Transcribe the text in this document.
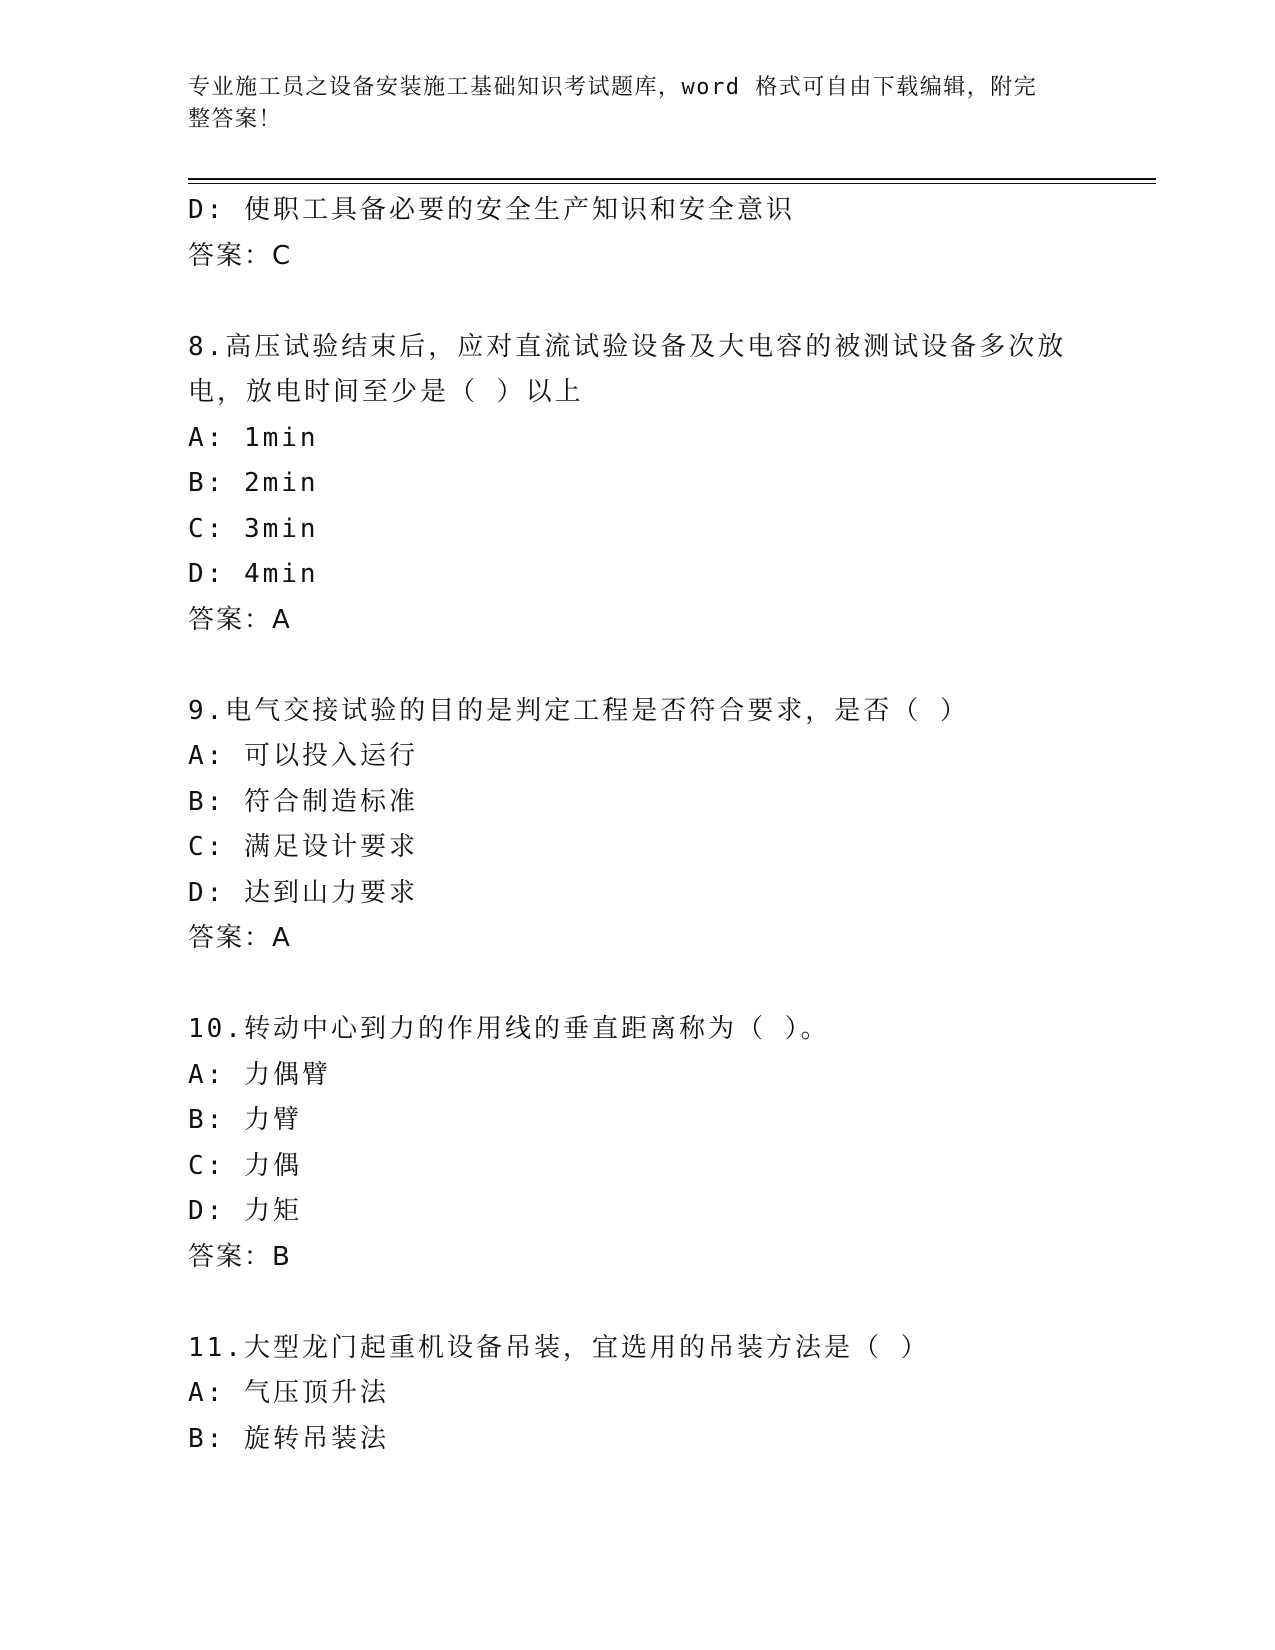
专业施工员之设备安装施工基础知识考试题库，word 格式可自由下载编辑，附完
整答案！
D: 使职工具备必要的安全生产知识和安全意识
答案：C
8.高压试验结束后，应对直流试验设备及大电容的被测试设备多次放
电，放电时间至少是（ ）以上
A: 1min
B: 2min
C: 3min
D: 4min
答案：A
9.电气交接试验的目的是判定工程是否符合要求，是否（ ）
A: 可以投入运行
B: 符合制造标准
C: 满足设计要求
D: 达到山力要求
答案：A
10.转动中心到力的作用线的垂直距离称为（ ）。
A: 力偶臂
B: 力臂
C: 力偶
D: 力矩
答案：B
11.大型龙门起重机设备吊装，宜选用的吊装方法是（ ）
A: 气压顶升法
B: 旋转吊装法
